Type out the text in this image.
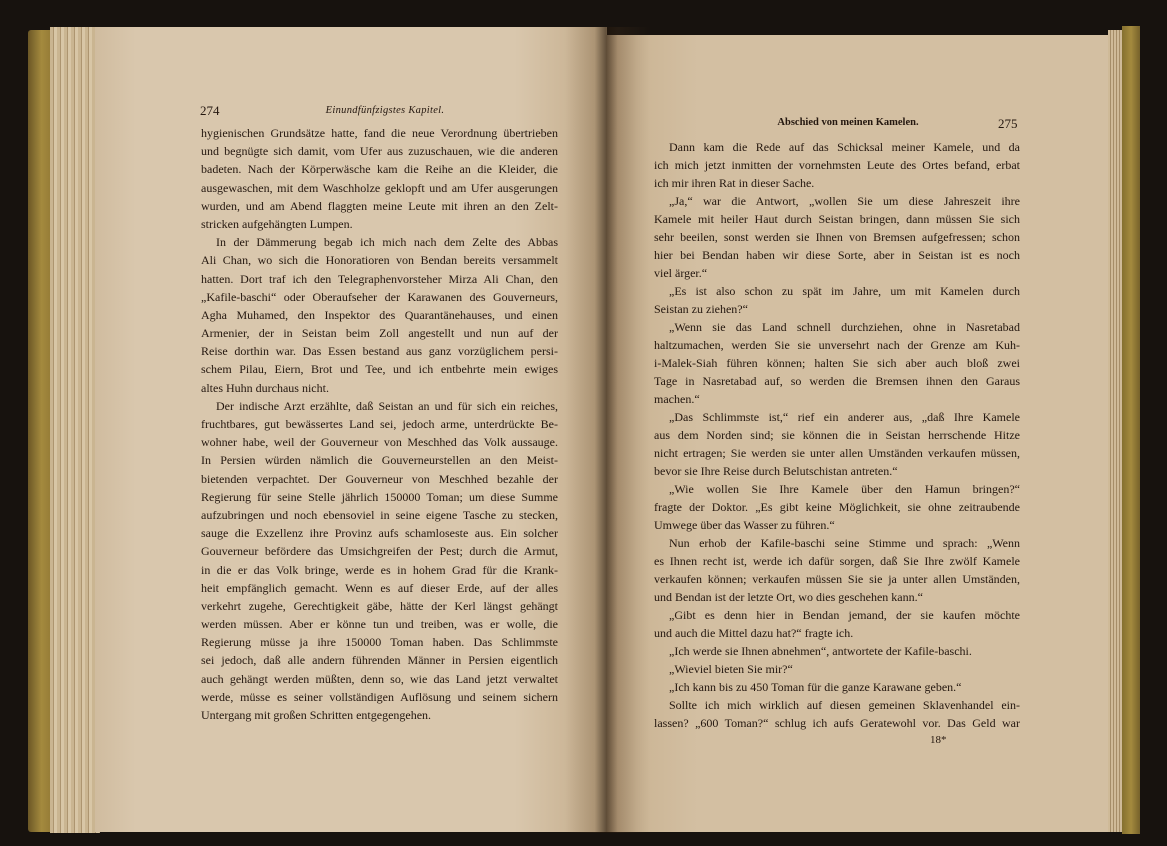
274	Einundfünfzigstes Kapitel.
hygienischen Grundsätze hatte, fand die neue Verordnung übertrieben
und begnügte sich damit, vom Ufer aus zuzuschauen, wie die anderen
badeten. Nach der Körperwäsche kam die Reihe an die Kleider, die
ausgewaschen, mit dem Waschholze geklopft und am Ufer ausgerungen
wurden, und am Abend flaggten meine Leute mit ihren an den Zelt-
stricken aufgehängten Lumpen.
In der Dämmerung begab ich mich nach dem Zelte des Abbas
Ali Chan, wo sich die Honoratioren von Bendan bereits versammelt
hatten. Dort traf ich den Telegraphenvorsteher Mirza Ali Chan, den
„Kafile-baschi“ oder Oberaufseher der Karawanen des Gouverneurs,
Agha Muhamed, den Inspektor des Quarantänehauses, und einen
Armenier, der in Seistan beim Zoll angestellt und nun auf der
Reise dorthin war. Das Essen bestand aus ganz vorzüglichem persi-
schem Pilau, Eiern, Brot und Tee, und ich entbehrte mein ewiges
altes Huhn durchaus nicht.
Der indische Arzt erzählte, daß Seistan an und für sich ein reiches,
fruchtbares, gut bewässertes Land sei, jedoch arme, unterdrückte Be-
wohner habe, weil der Gouverneur von Meschhed das Volk aussauge.
In Persien würden nämlich die Gouverneurstellen an den Meist-
bietenden verpachtet. Der Gouverneur von Meschhed bezahle der
Regierung für seine Stelle jährlich 150000 Toman; um diese Summe
aufzubringen und noch ebensoviel in seine eigene Tasche zu stecken,
sauge die Exzellenz ihre Provinz aufs schamloseste aus. Ein solcher
Gouverneur befördere das Umsichgreifen der Pest; durch die Armut,
in die er das Volk bringe, werde es in hohem Grad für die Krank-
heit empfänglich gemacht. Wenn es auf dieser Erde, auf der alles
verkehrt zugehe, Gerechtigkeit gäbe, hätte der Kerl längst gehängt
werden müssen. Aber er könne tun und treiben, was er wolle, die
Regierung müsse ja ihre 150000 Toman haben. Das Schlimmste
sei jedoch, daß alle andern führenden Männer in Persien eigentlich
auch gehängt werden müßten, denn so, wie das Land jetzt verwaltet
werde, müsse es seiner vollständigen Auflösung und seinem sichern
Untergang mit großen Schritten entgegengehen.
Abschied von meinen Kamelen.	275
Dann kam die Rede auf das Schicksal meiner Kamele, und da
ich mich jetzt inmitten der vornehmsten Leute des Ortes befand, erbat
ich mir ihren Rat in dieser Sache.
„Ja,“ war die Antwort, „wollen Sie um diese Jahreszeit ihre
Kamele mit heiler Haut durch Seistan bringen, dann müssen Sie sich
sehr beeilen, sonst werden sie Ihnen von Bremsen aufgefressen; schon
hier bei Bendan haben wir diese Sorte, aber in Seistan ist es noch
viel ärger.“
„Es ist also schon zu spät im Jahre, um mit Kamelen durch
Seistan zu ziehen?“
„Wenn sie das Land schnell durchziehen, ohne in Nasretabad
haltzumachen, werden Sie sie unversehrt nach der Grenze am Kuh-
i-Malek-Siah führen können; halten Sie sich aber auch bloß zwei
Tage in Nasretabad auf, so werden die Bremsen ihnen den Garaus
machen.“
„Das Schlimmste ist,“ rief ein anderer aus, „daß Ihre Kamele
aus dem Norden sind; sie können die in Seistan herrschende Hitze
nicht ertragen; Sie werden sie unter allen Umständen verkaufen müssen,
bevor sie Ihre Reise durch Belutschistan antreten.“
„Wie wollen Sie Ihre Kamele über den Hamun bringen?“
fragte der Doktor. „Es gibt keine Möglichkeit, sie ohne zeitraubende
Umwege über das Wasser zu führen.“
Nun erhob der Kafile-baschi seine Stimme und sprach: „Wenn
es Ihnen recht ist, werde ich dafür sorgen, daß Sie Ihre zwölf Kamele
verkaufen können; verkaufen müssen Sie sie ja unter allen Umständen,
und Bendan ist der letzte Ort, wo dies geschehen kann.“
„Gibt es denn hier in Bendan jemand, der sie kaufen möchte
und auch die Mittel dazu hat?“ fragte ich.
„Ich werde sie Ihnen abnehmen“, antwortete der Kafile-baschi.
„Wieviel bieten Sie mir?“
„Ich kann bis zu 450 Toman für die ganze Karawane geben.“
Sollte ich mich wirklich auf diesen gemeinen Sklavenhandel ein-
lassen? „600 Toman?“ schlug ich aufs Geratewohl vor. Das Geld war
18*
